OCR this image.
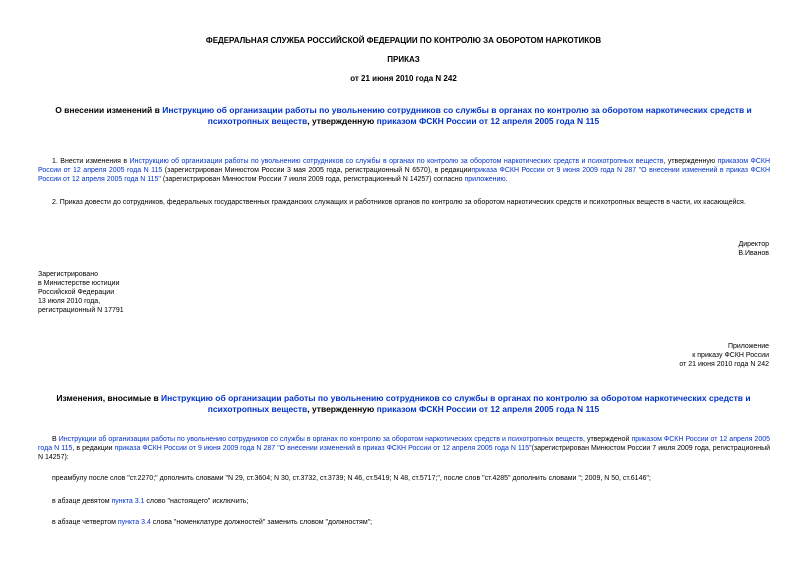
ФЕДЕРАЛЬНАЯ СЛУЖБА РОССИЙСКОЙ ФЕДЕРАЦИИ ПО КОНТРОЛЮ ЗА ОБОРОТОМ НАРКОТИКОВ
ПРИКАЗ
от 21 июня 2010 года N 242
О внесении изменений в Инструкцию об организации работы по увольнению сотрудников со службы в органах по контролю за оборотом наркотических средств и психотропных веществ, утвержденную приказом ФСКН России от 12 апреля 2005 года N 115
1. Внести изменения в Инструкцию об организации работы по увольнению сотрудников со службы в органах по контролю за оборотом наркотических средств и психотропных веществ, утвержденную приказом ФСКН России от 12 апреля 2005 года N 115 (зарегистрирован Минюстом России 3 мая 2005 года, регистрационный N 6570), в редакцииприказа ФСКН России от 9 июня 2009 года N 287 "О внесении изменений в приказ ФСКН России от 12 апреля 2005 года N 115" (зарегистрирован Минюстом России 7 июля 2009 года, регистрационный N 14257) согласно приложению.
2. Приказ довести до сотрудников, федеральных государственных гражданских служащих и работников органов по контролю за оборотом наркотических средств и психотропных веществ в части, их касающейся.
Директор
В.Иванов
Зарегистрировано
в Министерстве юстиции
Российской Федерации
13 июля 2010 года,
регистрационный N 17791
Приложение
к приказу ФСКН России
от 21 июня 2010 года N 242
Изменения, вносимые в Инструкцию об организации работы по увольнению сотрудников со службы в органах по контролю за оборотом наркотических средств и психотропных веществ, утвержденную приказом ФСКН России от 12 апреля 2005 года N 115
В Инструкции об организации работы по увольнению сотрудников со службы в органах по контролю за оборотом наркотических средств и психотропных веществ, утвержденой приказом ФСКН России от 12 апреля 2005 года N 115, в редакции приказа ФСКН России от 9 июня 2009 года N 287 "О внесении изменений в приказ ФСКН России от 12 апреля 2005 года N 115"(зарегистрирован Минюстом России 7 июля 2009 года, регистрационный N 14257):
преамбулу после слов "ст.2270;" дополнить словами "N 29, ст.3604; N 30, ст.3732, ст.3739; N 46, ст.5419; N 48, ст.5717;", после слов "ст.4285" дополнить словами "; 2009, N 50, ст.6146";
в абзаце девятом пункта 3.1 слово "настоящего" исключить;
в абзаце четвертом пункта 3.4 слова "номенклатуре должностей" заменить словом "должностям";
